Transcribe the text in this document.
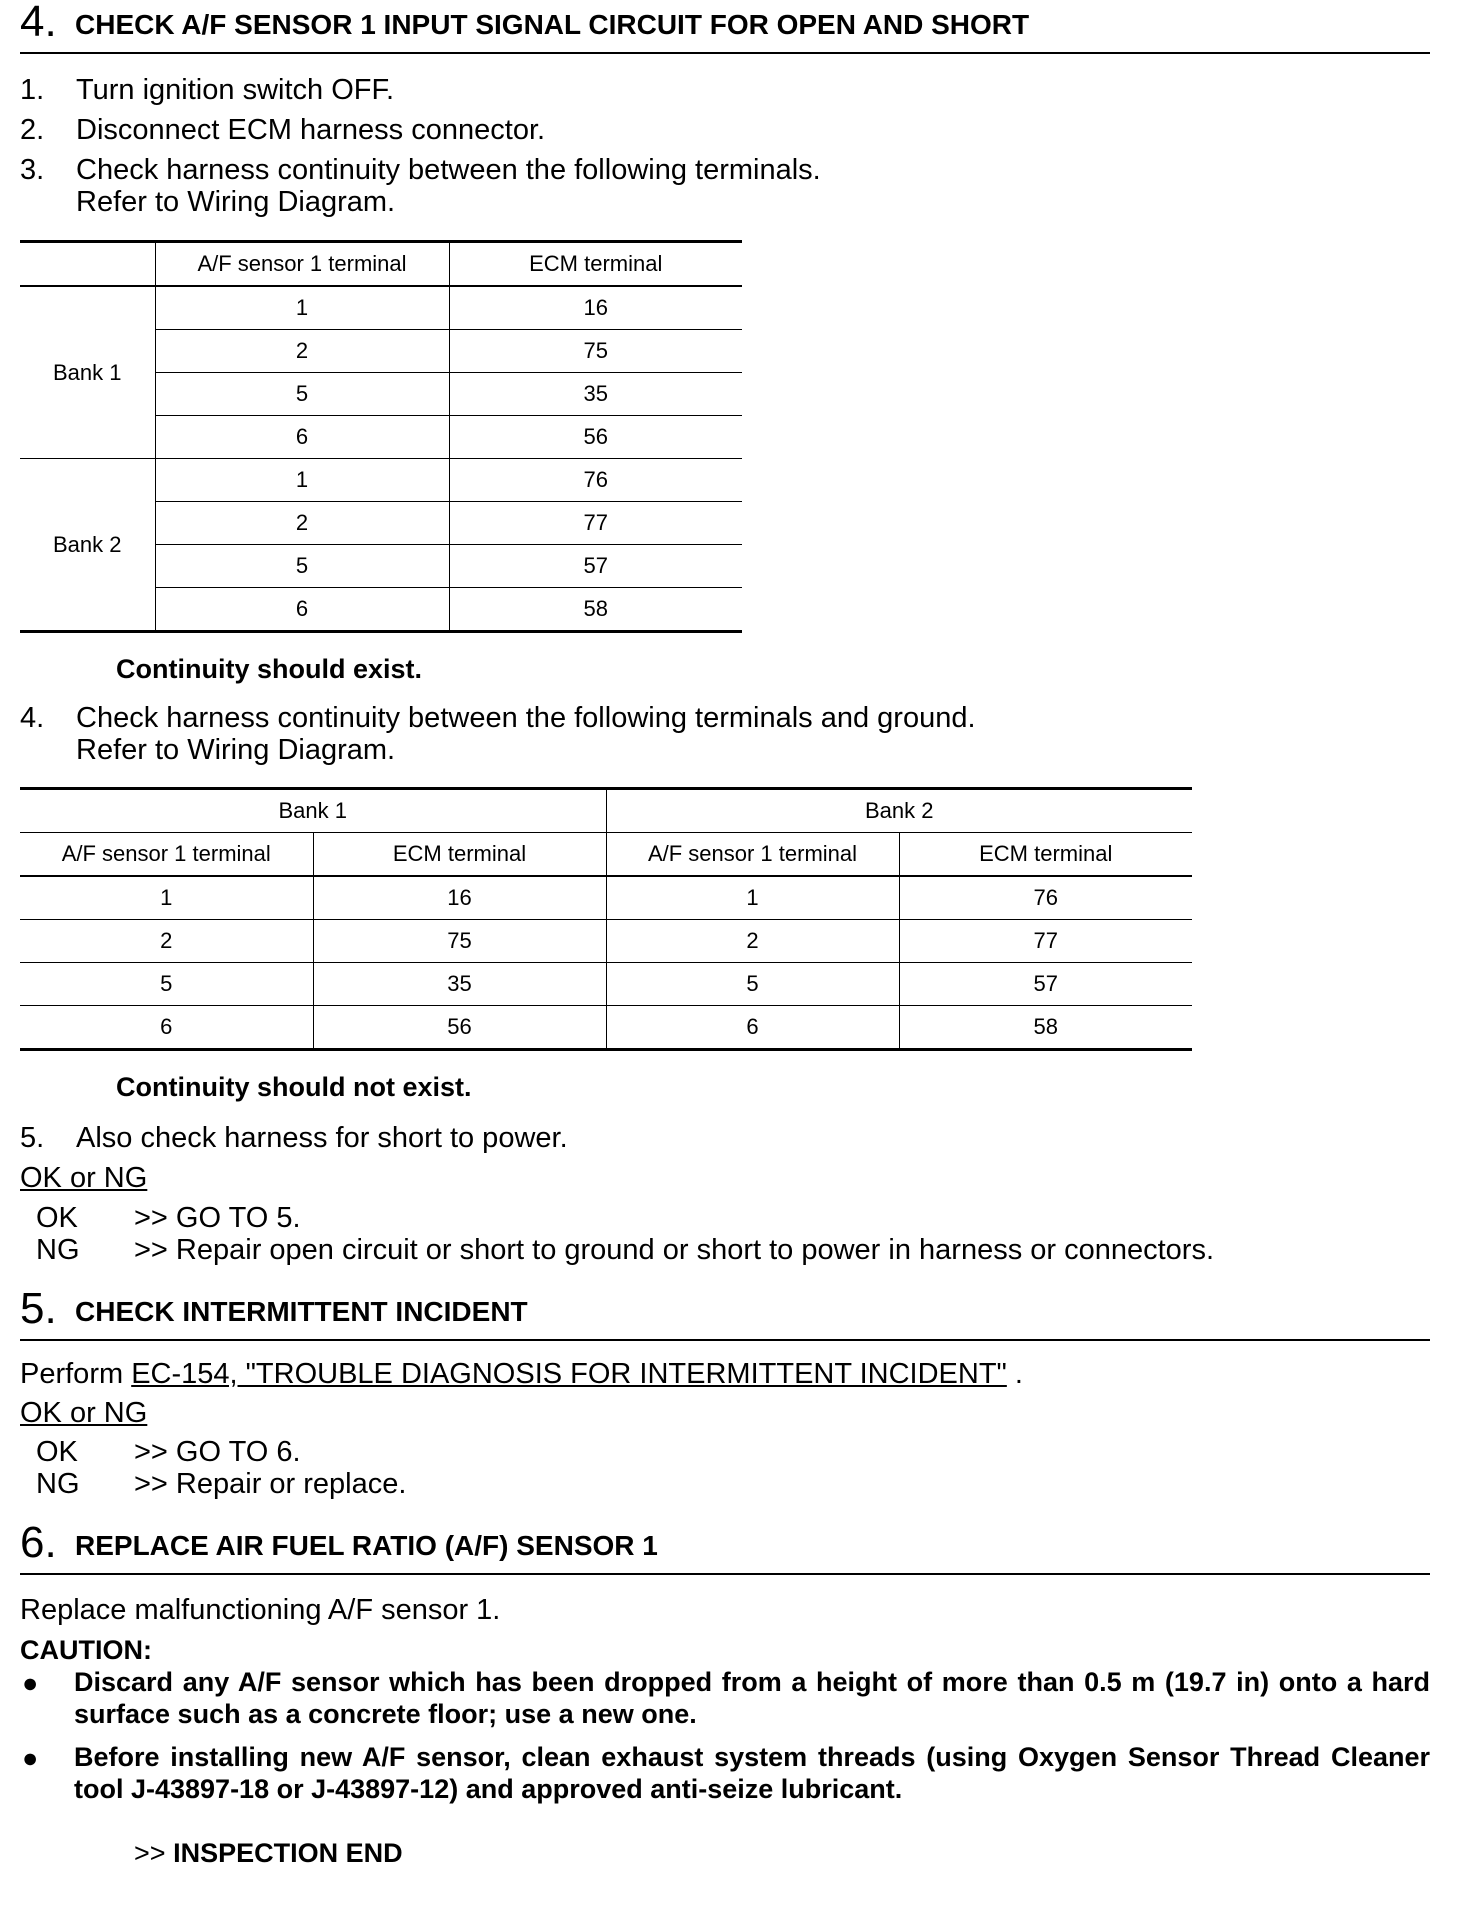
4. CHECK A/F SENSOR 1 INPUT SIGNAL CIRCUIT FOR OPEN AND SHORT
1. Turn ignition switch OFF.
2. Disconnect ECM harness connector.
3. Check harness continuity between the following terminals.
Refer to Wiring Diagram.
	A/F sensor 1 terminal	ECM terminal
Bank 1	1	16
	2	75
	5	35
	6	56
Bank 2	1	76
	2	77
	5	57
	6	58
Continuity should exist.
4. Check harness continuity between the following terminals and ground.
Refer to Wiring Diagram.
Bank 1		Bank 2	
A/F sensor 1 terminal	ECM terminal	A/F sensor 1 terminal	ECM terminal
1	16	1	76
2	75	2	77
5	35	5	57
6	56	6	58
Continuity should not exist.
5. Also check harness for short to power.
OK or NG
OK >> GO TO 5.
NG >> Repair open circuit or short to ground or short to power in harness or connectors.
5. CHECK INTERMITTENT INCIDENT
Perform EC-154, "TROUBLE DIAGNOSIS FOR INTERMITTENT INCIDENT" .
OK or NG
OK >> GO TO 6.
NG >> Repair or replace.
6. REPLACE AIR FUEL RATIO (A/F) SENSOR 1
Replace malfunctioning A/F sensor 1.
CAUTION:
● Discard any A/F sensor which has been dropped from a height of more than 0.5 m (19.7 in) onto a hard surface such as a concrete floor; use a new one.
● Before installing new A/F sensor, clean exhaust system threads (using Oxygen Sensor Thread Cleaner tool J-43897-18 or J-43897-12) and approved anti-seize lubricant.
>> INSPECTION END
